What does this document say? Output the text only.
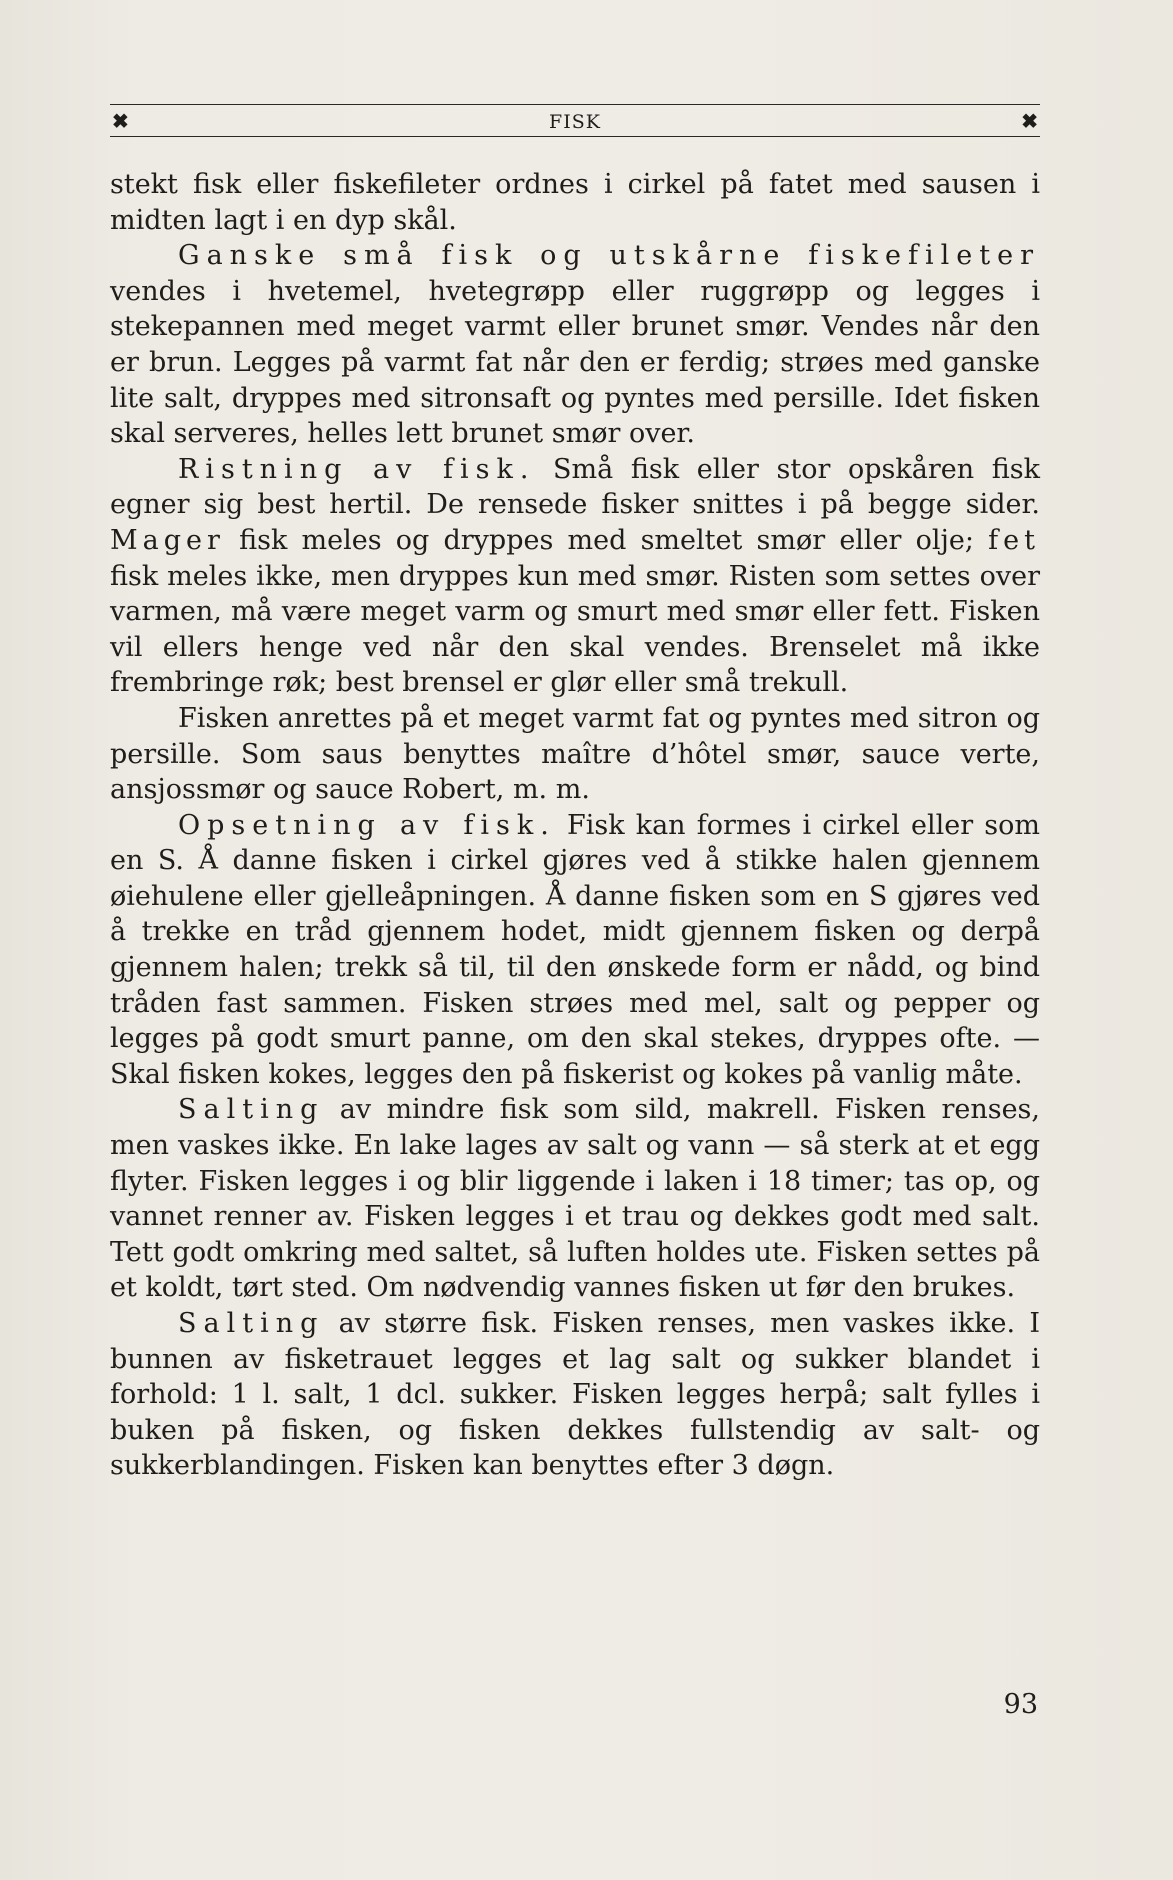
✖	FISK	✖

stekt fisk eller fiskefileter ordnes i cirkel på fatet med sausen i midten lagt i en dyp skål.

Ganske små fisk og utskårne fiskefileter vendes i hvetemel, hvetegrøpp eller ruggrøpp og legges i stekepannen med meget varmt eller brunet smør. Vendes når den er brun. Legges på varmt fat når den er ferdig; strøes med ganske lite salt, dryppes med sitronsaft og pyntes med persille. Idet fisken skal serveres, helles lett brunet smør over.

Ristning av fisk. Små fisk eller stor opskåren fisk egner sig best hertil. De rensede fisker snittes i på begge sider. Mager fisk meles og dryppes med smeltet smør eller olje; fet fisk meles ikke, men dryppes kun med smør. Risten som settes over varmen, må være meget varm og smurt med smør eller fett. Fisken vil ellers henge ved når den skal vendes. Brenselet må ikke frembringe røk; best brensel er glør eller små trekull.

Fisken anrettes på et meget varmt fat og pyntes med sitron og persille. Som saus benyttes maître d’hôtel smør, sauce verte, ansjossmør og sauce Robert, m. m.

Opsetning av fisk. Fisk kan formes i cirkel eller som en S. Å danne fisken i cirkel gjøres ved å stikke halen gjennem øiehulene eller gjelleåpningen. Å danne fisken som en S gjøres ved å trekke en tråd gjennem hodet, midt gjennem fisken og derpå gjennem halen; trekk så til, til den ønskede form er nådd, og bind tråden fast sammen. Fisken strøes med mel, salt og pepper og legges på godt smurt panne, om den skal stekes, dryppes ofte. — Skal fisken kokes, legges den på fiskerist og kokes på vanlig måte.

Salting av mindre fisk som sild, makrell. Fisken renses, men vaskes ikke. En lake lages av salt og vann — så sterk at et egg flyter. Fisken legges i og blir liggende i laken i 18 timer; tas op, og vannet renner av. Fisken legges i et trau og dekkes godt med salt. Tett godt omkring med saltet, så luften holdes ute. Fisken settes på et koldt, tørt sted. Om nødvendig vannes fisken ut før den brukes.

Salting av større fisk. Fisken renses, men vaskes ikke. I bunnen av fisketrauet legges et lag salt og sukker blandet i forhold: 1 l. salt, 1 dcl. sukker. Fisken legges herpå; salt fylles i buken på fisken, og fisken dekkes fullstendig av salt- og sukkerblandingen. Fisken kan benyttes efter 3 døgn.

93
